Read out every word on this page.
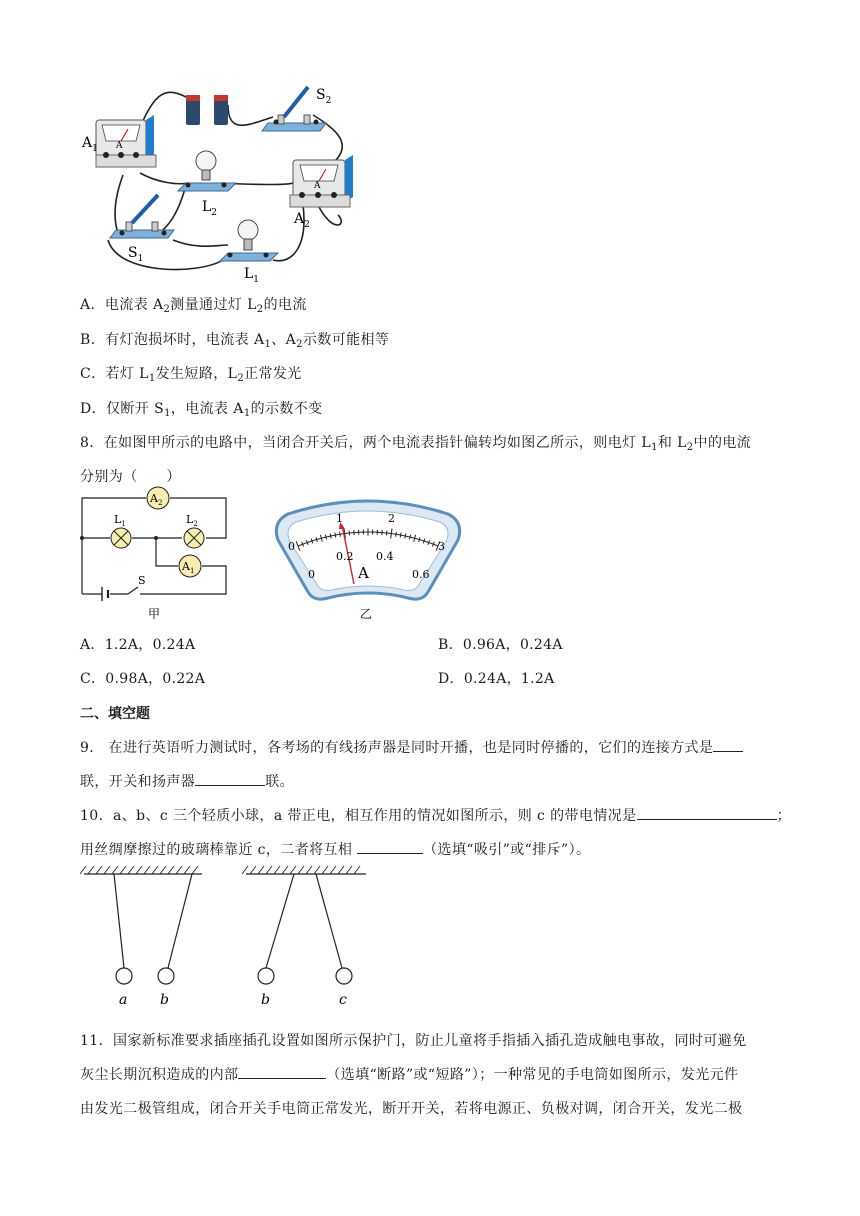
A
$A_1$
$S_2$
$L_2$
A
$A_2$
$S_1$
$L_1$
A．电流表 $A_2$测量通过灯 $L_2$的电流
B．有灯泡损坏时，电流表 $A_1$、$A_2$示数可能相等
C．若灯 $L_1$发生短路，$L_2$正常发光
D．仅断开 $S_1$，电流表 $A_1$的示数不变
8．在如图甲所示的电路中，当闭合开关后，两个电流表指针偏转均如图乙所示，则电灯 $L_1$和 $L_2$中的电流
分别为（　　）
$A_2$
$L_1$	$L_2$
$A_1$
S
甲
0
1	2
3
0
0.2 0.4
0.6
A
乙
A．1.2A，0.24A	B．0.96A，0.24A
C．0.98A，0.22A	D．0.24A，1.2A
二、填空题
9． 在进行英语听力测试时，各考场的有线扬声器是同时开播，也是同时停播的，它们的连接方式是
联，开关和扬声器	联。
10．a、b、c 三个轻质小球，a 带正电，相互作用的情况如图所示，则 c 的带电情况是	；
用丝绸摩擦过的玻璃棒靠近 c，二者将互相	（选填“吸引”或“排斥”）。
a b	b	c
11．国家新标准要求插座插孔设置如图所示保护门，防止儿童将手指插入插孔造成触电事故，同时可避免
灰尘长期沉积造成的内部	（选填“断路”或“短路”）；一种常见的手电筒如图所示，发光元件
由发光二极管组成，闭合开关手电筒正常发光，断开开关，若将电源正、负极对调，闭合开关，发光二极
